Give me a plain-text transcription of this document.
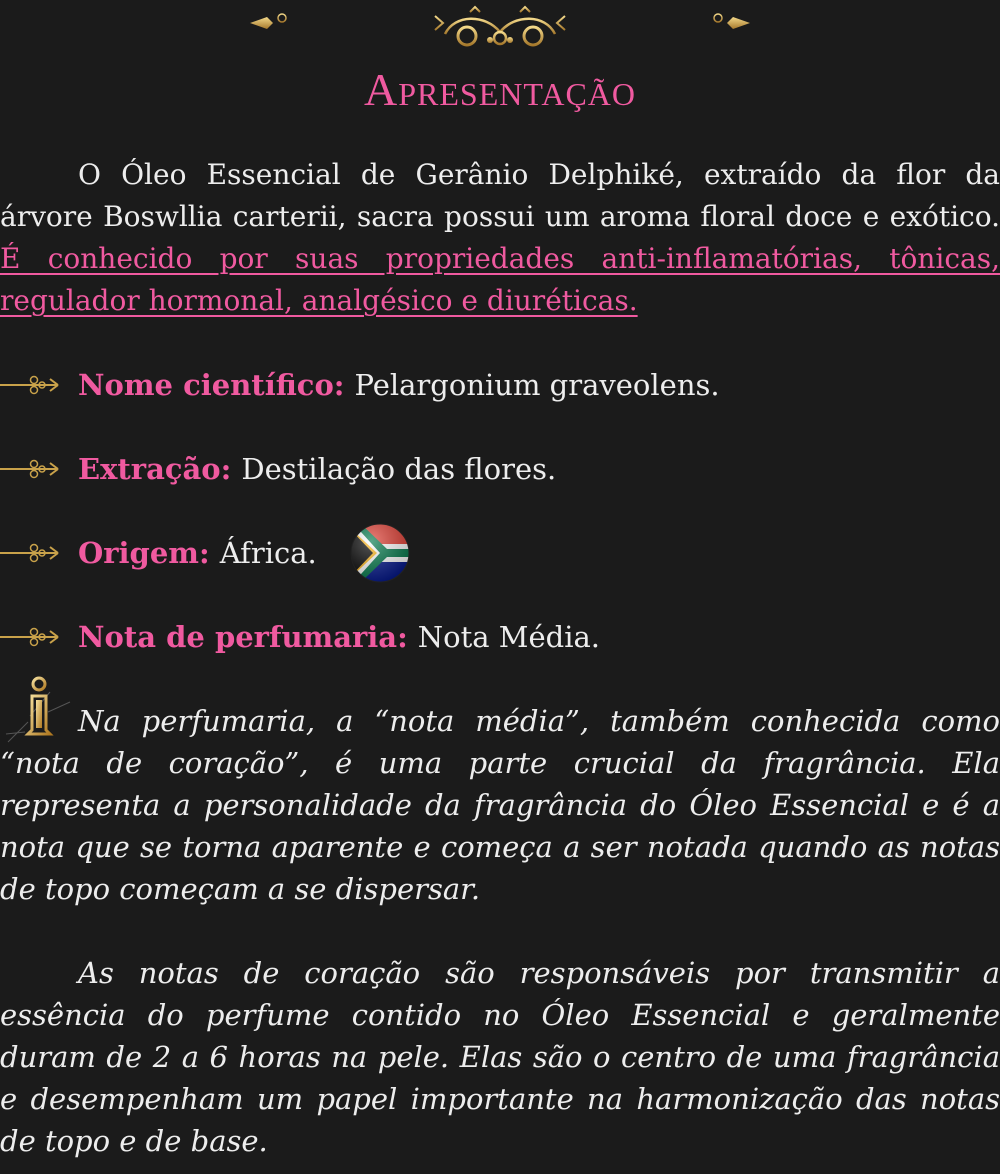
Apresentação

O Óleo Essencial de Gerânio Delphiké, extraído da flor da árvore Boswllia carterii, sacra possui um aroma floral doce e exótico. É conhecido por suas propriedades anti-inflamatórias, tônicas, regulador hormonal, analgésico e diuréticas.

Nome científico: Pelargonium graveolens.
Extração: Destilação das flores.
Origem: África.
Nota de perfumaria: Nota Média.

Na perfumaria, a “nota média”, também conhecida como “nota de coração”, é uma parte crucial da fragrância. Ela representa a personalidade da fragrância do Óleo Essencial e é a nota que se torna aparente e começa a ser notada quando as notas de topo começam a se dispersar.

As notas de coração são responsáveis por transmitir a essência do perfume contido no Óleo Essencial e geralmente duram de 2 a 6 horas na pele. Elas são o centro de uma fragrância e desempenham um papel importante na harmonização das notas de topo e de base.
